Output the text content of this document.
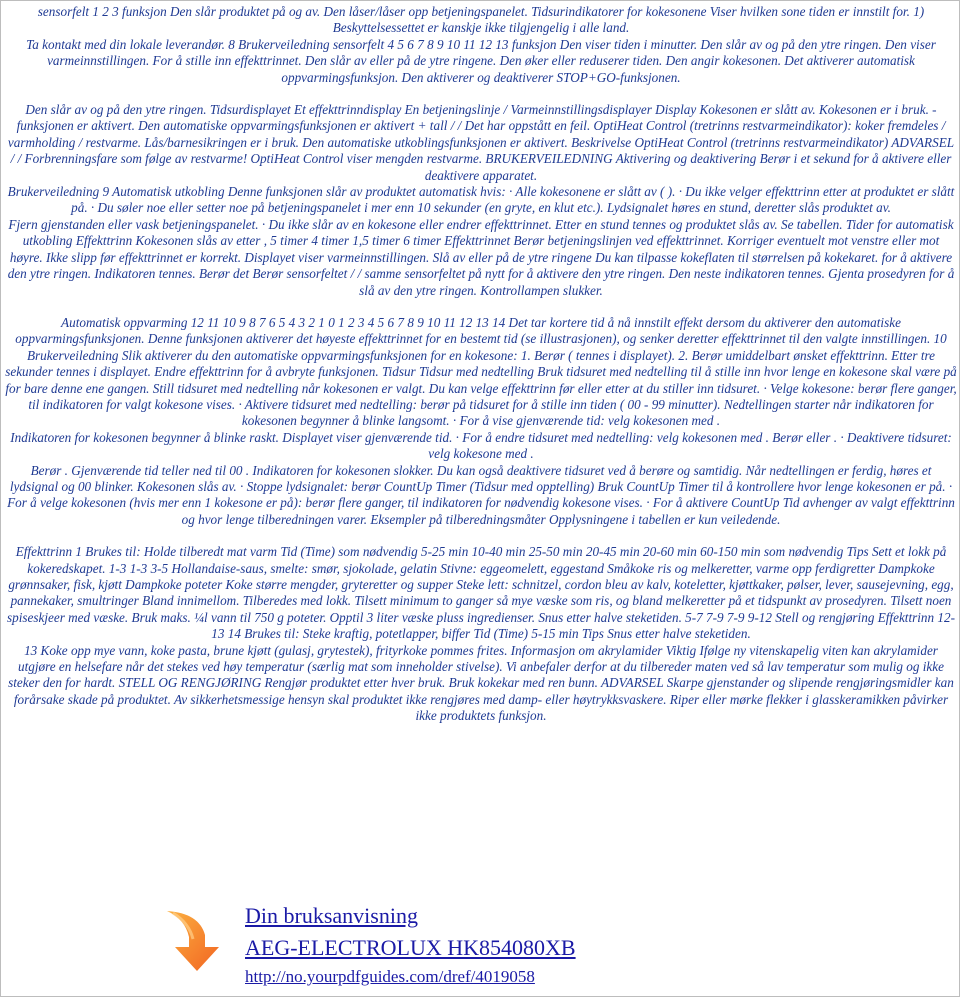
sensorfelt 1 2 3 funksjon Den slår produktet på og av. Den låser/låser opp betjeningspanelet. Tidsurindikatorer for kokesonene Viser hvilken sone tiden er innstilt for. 1) Beskyttelsessettet er kanskje ikke tilgjengelig i alle land.

Ta kontakt med din lokale leverandør. 8 Brukerveiledning sensorfelt 4 5 6 7 8 9 10 11 12 13 funksjon Den viser tiden i minutter. Den slår av og på den ytre ringen. Den viser varmeinnstillingen. For å stille inn effekttrinnet. Den slår av eller på de ytre ringene. Den øker eller reduserer tiden. Den angir kokesonen. Det aktiverer automatisk oppvarmingsfunksjon. Den aktiverer og deaktiverer STOP+GO-funksjonen.

Den slår av og på den ytre ringen. Tidsurdisplayet Et effekttrinndisplay En betjeningslinje / Varmeinnstillingsdisplayer Display Kokesonen er slått av. Kokesonen er i bruk. -funksjonen er aktivert. Den automatiske oppvarmingsfunksjonen er aktivert + tall / / Det har oppstått en feil. OptiHeat Control (tretrinns restvarmeindikator): koker fremdeles / varmholding / restvarme. Lås/barnesikringen er i bruk. Den automatiske utkoblingsfunksjonen er aktivert. Beskrivelse OptiHeat Control (tretrinns restvarmeindikator) ADVARSEL / / Forbrenningsfare som følge av restvarme! OptiHeat Control viser mengden restvarme. BRUKERVEILEDNING Aktivering og deaktivering Berør i et sekund for å aktivere eller deaktivere apparatet.

Brukerveiledning 9 Automatisk utkobling Denne funksjonen slår av produktet automatisk hvis: · Alle kokesonene er slått av ( ). · Du ikke velger effekttrinn etter at produktet er slått på. · Du søler noe eller setter noe på betjeningspanelet i mer enn 10 sekunder (en gryte, en klut etc.). Lydsignalet høres en stund, deretter slås produktet av.

Fjern gjenstanden eller vask betjeningspanelet. · Du ikke slår av en kokesone eller endrer effekttrinnet. Etter en stund tennes og produktet slås av. Se tabellen. Tider for automatisk utkobling Effekttrinn Kokesonen slås av etter , 5 timer 4 timer 1,5 timer 6 timer Effekttrinnet Berør betjeningslinjen ved effekttrinnet. Korriger eventuelt mot venstre eller mot høyre. Ikke slipp før effekttrinnet er korrekt. Displayet viser varmeinnstillingen. Slå av eller på de ytre ringene Du kan tilpasse kokeflaten til størrelsen på kokekaret. for å aktivere den ytre ringen. Indikatoren tennes. Berør det Berør sensorfeltet / / samme sensorfeltet på nytt for å aktivere den ytre ringen. Den neste indikatoren tennes. Gjenta prosedyren for å slå av den ytre ringen. Kontrollampen slukker.

Automatisk oppvarming 12 11 10 9 8 7 6 5 4 3 2 1 0 1 2 3 4 5 6 7 8 9 10 11 12 13 14 Det tar kortere tid å nå innstilt effekt dersom du aktiverer den automatiske oppvarmingsfunksjonen. Denne funksjonen aktiverer det høyeste effekttrinnet for en bestemt tid (se illustrasjonen), og senker deretter effekttrinnet til den valgte innstillingen. 10 Brukerveiledning Slik aktiverer du den automatiske oppvarmingsfunksjonen for en kokesone: 1. Berør ( tennes i displayet). 2. Berør umiddelbart ønsket effekttrinn. Etter tre sekunder tennes i displayet. Endre effekttrinn for å avbryte funksjonen. Tidsur Tidsur med nedtelling Bruk tidsuret med nedtelling til å stille inn hvor lenge en kokesone skal være på for bare denne ene gangen. Still tidsuret med nedtelling når kokesonen er valgt. Du kan velge effekttrinn før eller etter at du stiller inn tidsuret. · Velge kokesone: berør flere ganger, til indikatoren for valgt kokesone vises. · Aktivere tidsuret med nedtelling: berør på tidsuret for å stille inn tiden ( 00 - 99 minutter). Nedtellingen starter når indikatoren for kokesonen begynner å blinke langsomt. · For å vise gjenværende tid: velg kokesonen med .

Indikatoren for kokesonen begynner å blinke raskt. Displayet viser gjenværende tid. · For å endre tidsuret med nedtelling: velg kokesonen med . Berør eller . · Deaktivere tidsuret: velg kokesone med .

Berør . Gjenværende tid teller ned til 00 . Indikatoren for kokesonen slokker. Du kan også deaktivere tidsuret ved å berøre og samtidig. Når nedtellingen er ferdig, høres et lydsignal og 00 blinker. Kokesonen slås av. · Stoppe lydsignalet: berør CountUp Timer (Tidsur med opptelling) Bruk CountUp Timer til å kontrollere hvor lenge kokesonen er på. · For å velge kokesonen (hvis mer enn 1 kokesone er på): berør flere ganger, til indikatoren for nødvendig kokesone vises. · For å aktivere CountUp Tid avhenger av valgt effekttrinn og hvor lenge tilberedningen varer. Eksempler på tilberedningsmåter Opplysningene i tabellen er kun veiledende.

Effekttrinn 1 Brukes til: Holde tilberedt mat varm Tid (Time) som nødvendig 5-25 min 10-40 min 25-50 min 20-45 min 20-60 min 60-150 min som nødvendig Tips Sett et lokk på kokeredskapet. 1-3 1-3 3-5 Hollandaise-saus, smelte: smør, sjokolade, gelatin Stivne: eggeomelett, eggestand Småkoke ris og melkeretter, varme opp ferdigretter Dampkoke grønnsaker, fisk, kjøtt Dampkoke poteter Koke større mengder, gryteretter og supper Steke lett: schnitzel, cordon bleu av kalv, koteletter, kjøttkaker, pølser, lever, sausejevning, egg, pannekaker, smultringer Bland innimellom. Tilberedes med lokk. Tilsett minimum to ganger så mye væske som ris, og bland melkeretter på et tidspunkt av prosedyren. Tilsett noen spiseskjeer med væske. Bruk maks. ¼l vann til 750 g poteter. Opptil 3 liter væske pluss ingredienser. Snus etter halve steketiden. 5-7 7-9 7-9 9-12 Stell og rengjøring Effekttrinn 12-13 14 Brukes til: Steke kraftig, potetlapper, biffer Tid (Time) 5-15 min Tips Snus etter halve steketiden.

13 Koke opp mye vann, koke pasta, brune kjøtt (gulasj, grytestek), frityrkoke pommes frites. Informasjon om akrylamider Viktig Ifølge ny vitenskapelig viten kan akrylamider utgjøre en helsefare når det stekes ved høy temperatur (særlig mat som inneholder stivelse). Vi anbefaler derfor at du tilbereder maten ved så lav temperatur som mulig og ikke steker den for hardt. STELL OG RENGJØRING Rengjør produktet etter hver bruk. Bruk kokekar med ren bunn. ADVARSEL Skarpe gjenstander og slipende rengjøringsmidler kan forårsake skade på produktet. Av sikkerhetsmessige hensyn skal produktet ikke rengjøres med damp- eller høytrykksvaskere. Riper eller mørke flekker i glasskeramikken påvirker ikke produktets funksjon.

Din bruksanvisning
AEG-ELECTROLUX HK854080XB
http://no.yourpdfguides.com/dref/4019058
